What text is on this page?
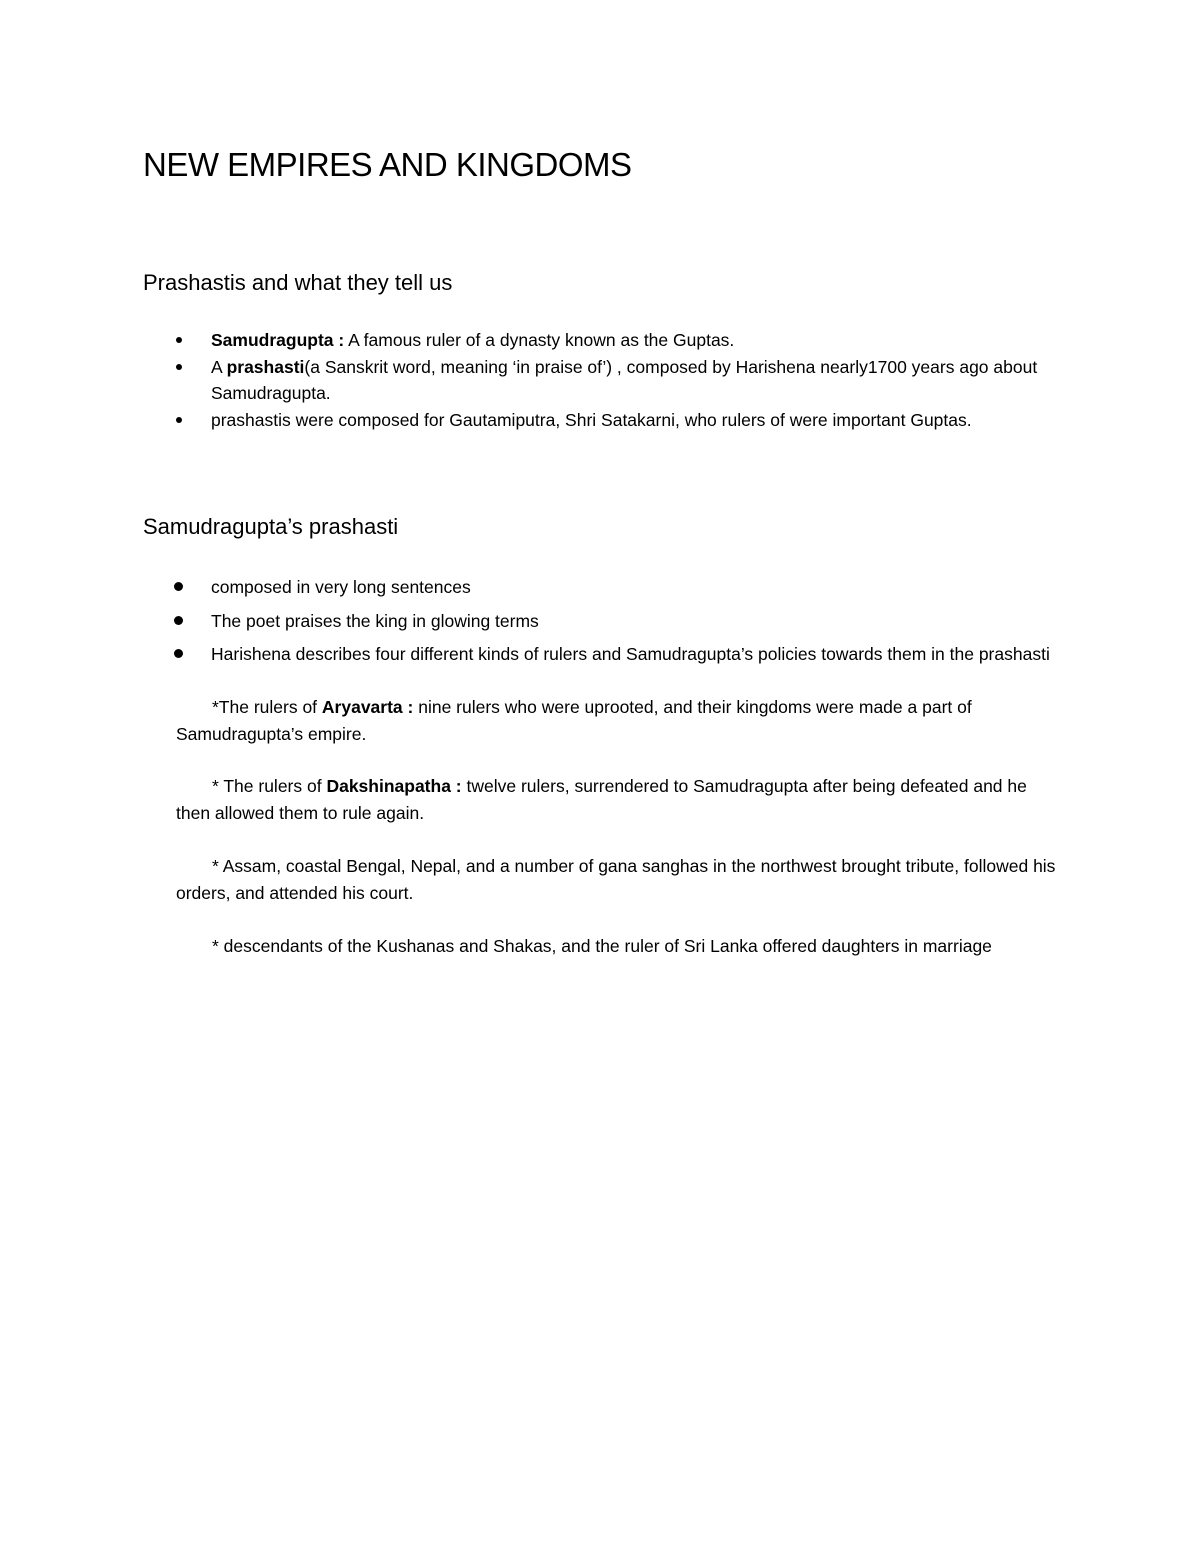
NEW EMPIRES AND KINGDOMS
Prashastis and what they tell us
Samudragupta : A famous ruler of a dynasty known as the Guptas.
A prashasti(a Sanskrit word, meaning ‘in praise of’) , composed by Harishena nearly1700 years ago about Samudragupta.
prashastis were composed for Gautamiputra, Shri Satakarni, who rulers of were important Guptas.
Samudragupta’s prashasti
composed in very long sentences
The poet praises the king in glowing terms
Harishena describes four different kinds of rulers and Samudragupta’s policies towards them in the prashasti

*The rulers of Aryavarta : nine rulers who were uprooted, and their kingdoms were made a part of Samudragupta’s empire.

* The rulers of Dakshinapatha : twelve rulers, surrendered to Samudragupta after being defeated and he then allowed them to rule again.

* Assam, coastal Bengal, Nepal, and a number of gana sanghas in the northwest brought tribute, followed his orders, and attended his court.

* descendants of the Kushanas and Shakas, and the ruler of Sri Lanka offered daughters in marriage
